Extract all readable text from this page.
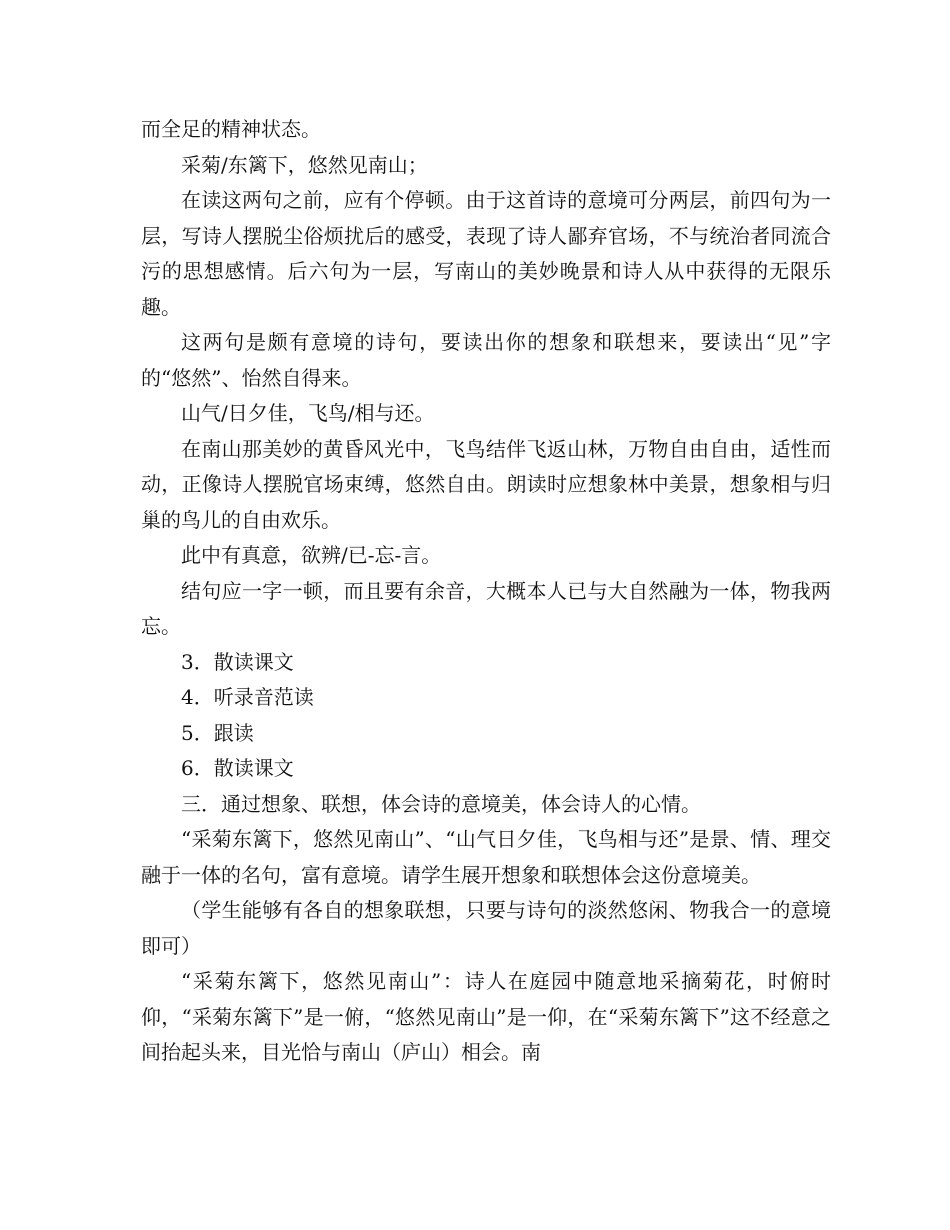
而全足的精神状态。

采菊/东篱下，悠然见南山；

在读这两句之前，应有个停顿。由于这首诗的意境可分两层，前四句为一层，写诗人摆脱尘俗烦扰后的感受，表现了诗人鄙弃官场，不与统治者同流合污的思想感情。后六句为一层，写南山的美妙晚景和诗人从中获得的无限乐趣。

这两句是颇有意境的诗句，要读出你的想象和联想来，要读出“见”字的“悠然”、怡然自得来。

山气/日夕佳，飞鸟/相与还。

在南山那美妙的黄昏风光中，飞鸟结伴飞返山林，万物自由自由，适性而动，正像诗人摆脱官场束缚，悠然自由。朗读时应想象林中美景，想象相与归巢的鸟儿的自由欢乐。

此中有真意，欲辨/已-忘-言。

结句应一字一顿，而且要有余音，大概本人已与大自然融为一体，物我两忘。

3．散读课文

4．听录音范读

5．跟读

6．散读课文

三．通过想象、联想，体会诗的意境美，体会诗人的心情。

“采菊东篱下，悠然见南山”、“山气日夕佳，飞鸟相与还”是景、情、理交融于一体的名句，富有意境。请学生展开想象和联想体会这份意境美。

（学生能够有各自的想象联想，只要与诗句的淡然悠闲、物我合一的意境即可）

“采菊东篱下，悠然见南山”：诗人在庭园中随意地采摘菊花，时俯时仰，“采菊东篱下”是一俯，“悠然见南山”是一仰，在“采菊东篱下”这不经意之间抬起头来，目光恰与南山（庐山）相会。南
